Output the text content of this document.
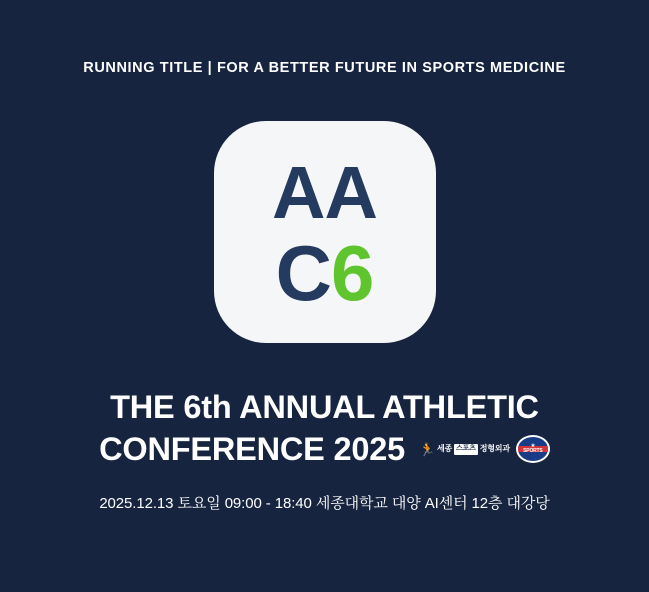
RUNNING TITLE | FOR A BETTER FUTURE IN SPORTS MEDICINE
AA
C 6
THE 6th ANNUAL ATHLETIC
CONFERENCE 2025 🏃 세종 스포츠 정형외과	★
SPORTS
2025.12.13 토요일 09:00 - 18:40 세종대학교 대양 AI센터 12층 대강당
